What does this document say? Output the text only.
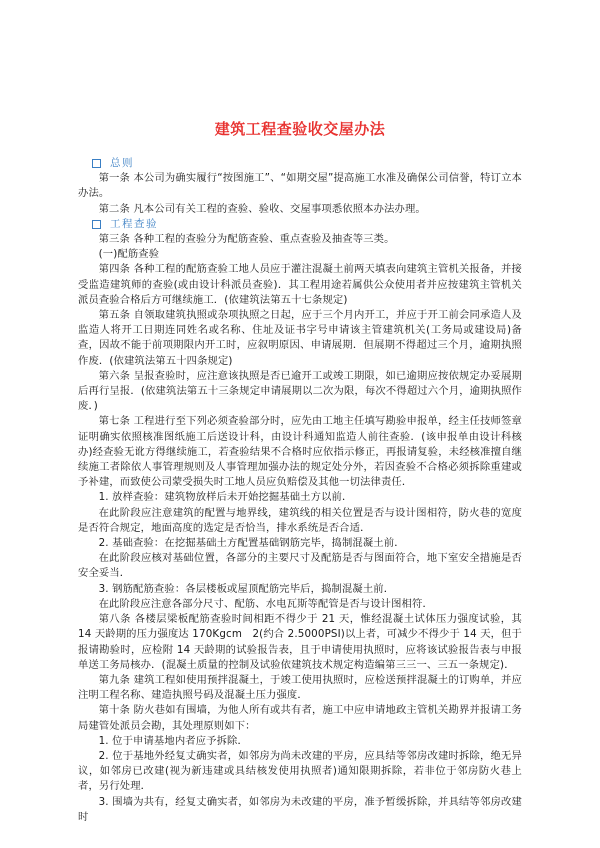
建筑工程查验收交屋办法
总则

第一条 本公司为确实履行“按图施工”、“如期交屋”提高施工水准及确保公司信誉，特订立本办法。

第二条 凡本公司有关工程的查验、验收、交屋事项悉依照本办法办理。

工程查验

第三条 各种工程的查验分为配筋查验、重点查验及抽查等三类。

(一)配筋查验

第四条 各种工程的配筋查验工地人员应于灌注混凝土前两天填表向建筑主管机关报备，并接受监造建筑师的查验(或由设计科派员查验)．其工程用途若属供公众使用者并应按建筑主管机关派员查验合格后方可继续施工．(依建筑法第五十七条规定)

第五条 自领取建筑执照或杂项执照之日起，应于三个月内开工，并应于开工前会同承造人及监造人将开工日期连同姓名或名称、住址及证书字号申请该主管建筑机关(工务局或建设局)备查，因故不能于前项期限内开工时，应叙明原因、申请展期．但展期不得超过三个月，逾期执照作废．(依建筑法第五十四条规定)

第六条 呈报查验时，应注意该执照是否已逾开工或竣工期限，如已逾期应按依规定办妥展期后再行呈报．(依建筑法第五十三条规定申请展期以二次为限，每次不得超过六个月，逾期执照作废．)

第七条 工程进行至下列必须查验部分时，应先由工地主任填写勘验申报单，经主任技师签章证明确实依照核准图纸施工后送设计科，由设计科通知监造人前往查验．(该申报单由设计科核办)经查验无讹方得继续施工，若查验结果不合格时应依指示修正，再报请复验，未经核准擅自继续施工者除依人事管理规则及人事管理加强办法的规定处分外，若因查验不合格必须拆除重建或予补建，而致使公司蒙受损失时工地人员应负赔偿及其他一切法律责任．

1. 放样查验：建筑物放样后未开始挖掘基础土方以前．

在此阶段应注意建筑的配置与地界线，建筑线的相关位置是否与设计图相符，防火巷的宽度是否符合规定，地面高度的选定是否恰当，排水系统是否合适．

2. 基础查验：在挖掘基础土方配置基础钢筋完毕，捣制混凝土前．

在此阶段应核对基础位置，各部分的主要尺寸及配筋是否与图面符合，地下室安全措施是否安全妥当．

3. 钢筋配筋查验：各层楼板或屋顶配筋完毕后，捣制混凝土前．

在此阶段应注意各部分尺寸、配筋、水电瓦斯等配管是否与设计图相符．

第八条 各楼层梁板配筋查验时间相距不得少于 21 天，惟经混凝土试体压力强度试验，其 14 天龄期的压力强度达 170Kgcm　2(约合 2.5000PSI)以上者，可减少不得少于 14 天，但于报请勘验时，应检附 14 天龄期的试验报告表，且于申请使用执照时，应将该试验报告表与申报单送工务局核办．(混凝土质量的控制及试验依建筑技术规定构造编第三三一、三五一条规定)．

第九条 建筑工程如使用预拌混凝土，于竣工使用执照时，应检送预拌混凝土的订购单，并应注明工程名称、建造执照号码及混凝土压力强度．

第十条 防火巷如有围墙，为他人所有或共有者，施工中应申请地政主管机关勘界并报请工务局建管处派员会勘，其处理原则如下：

1. 位于申请基地内者应予拆除．

2. 位于基地外经复丈确实者，如邻房为尚未改建的平房，应具结等邻房改建时拆除，绝无异议，如邻房已改建(视为新违建或具结核发使用执照者)通知限期拆除，若非位于邻房防火巷上者，另行处理．

3. 围墙为共有，经复丈确实者，如邻房为未改建的平房，准予暂缓拆除，并具结等邻房改建时
